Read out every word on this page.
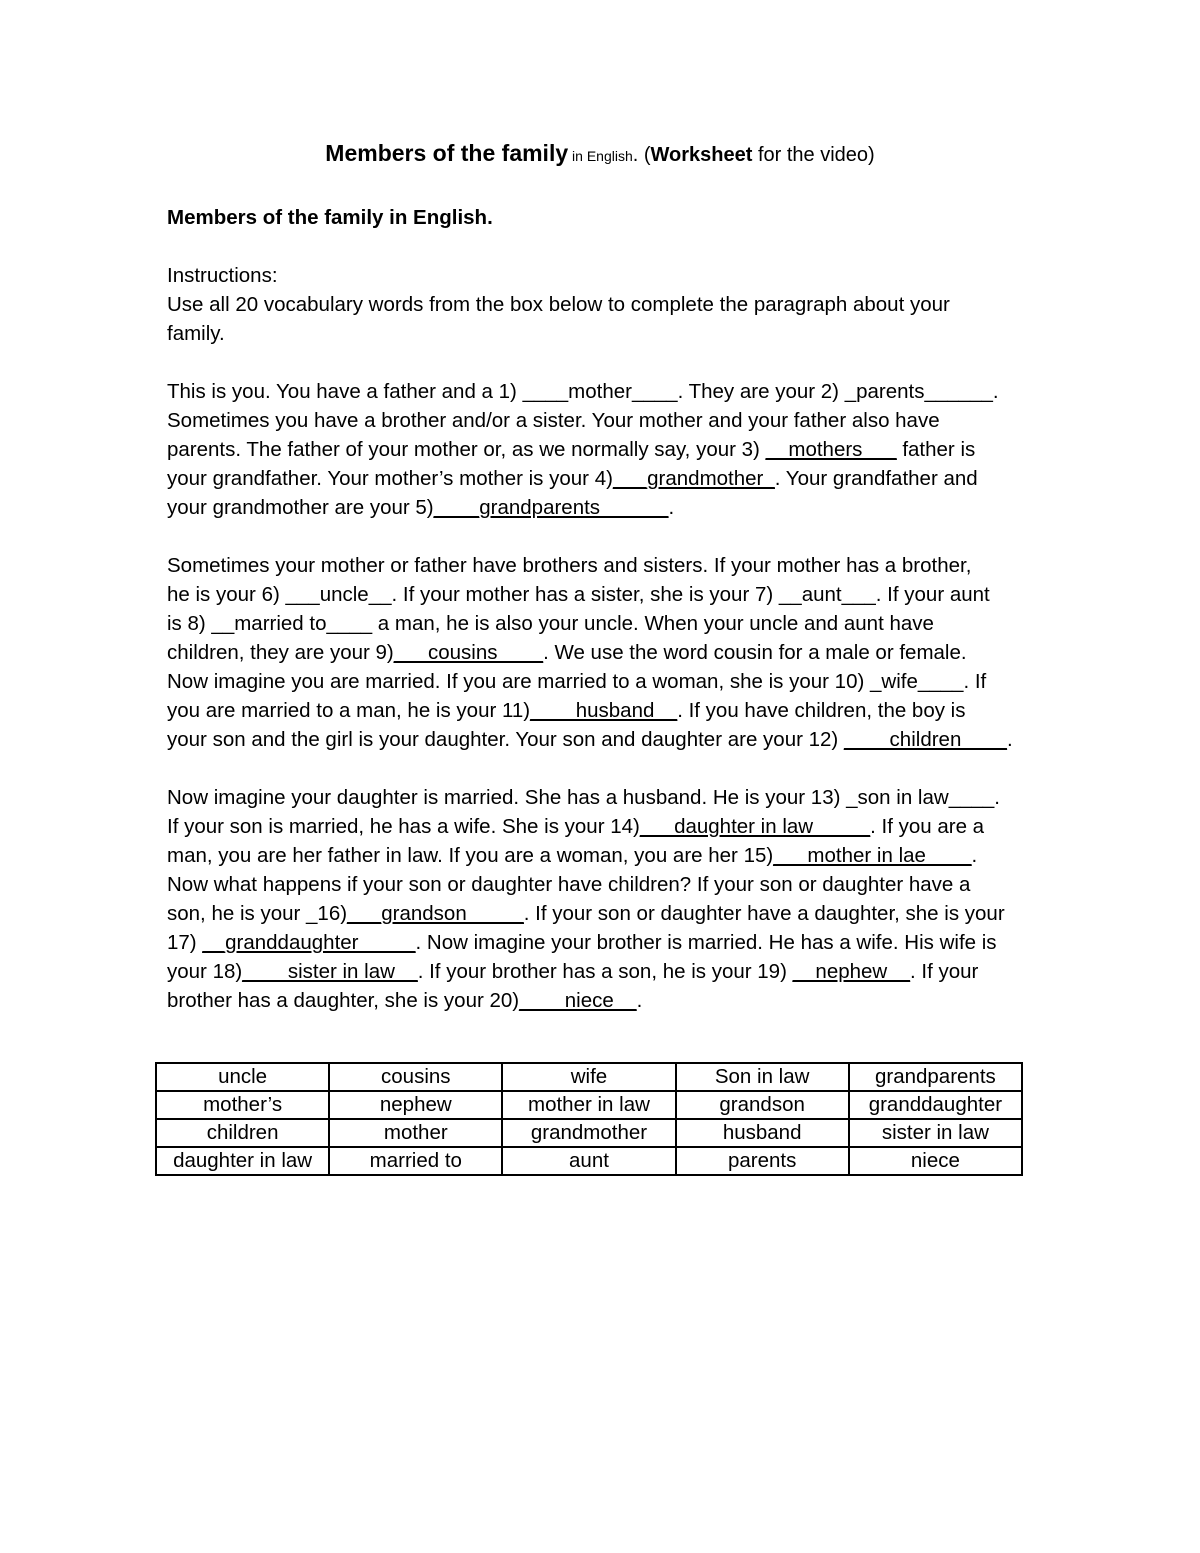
Members of the family in English. (Worksheet for the video)
Members of the family in English.
Instructions:
Use all 20 vocabulary words from the box below to complete the paragraph about your
family.
This is you. You have a father and a 1) ____mother____. They are your 2) _parents______.
Sometimes you have a brother and/or a sister. Your mother and your father also have
parents. The father of your mother or, as we normally say, your 3) __mothers___ father is
your grandfather. Your mother’s mother is your 4)___grandmother_. Your grandfather and
your grandmother are your 5)____grandparents______.
Sometimes your mother or father have brothers and sisters. If your mother has a brother,
he is your 6) ___uncle__. If your mother has a sister, she is your 7) __aunt___. If your aunt
is 8) __married to____ a man, he is also your uncle. When your uncle and aunt have
children, they are your 9)___cousins____. We use the word cousin for a male or female.
Now imagine you are married. If you are married to a woman, she is your 10) _wife____. If
you are married to a man, he is your 11)____husband__. If you have children, the boy is
your son and the girl is your daughter. Your son and daughter are your 12) ____children____.
Now imagine your daughter is married. She has a husband. He is your 13) _son in law____.
If your son is married, he has a wife. She is your 14)___daughter in law_____. If you are a
man, you are her father in law. If you are a woman, you are her 15)___mother in lae____.
Now what happens if your son or daughter have children? If your son or daughter have a
son, he is your _16)___grandson_____. If your son or daughter have a daughter, she is your
17) __granddaughter_____. Now imagine your brother is married. He has a wife. His wife is
your 18)____sister in law__. If your brother has a son, he is your 19) __nephew__. If your
brother has a daughter, she is your 20)____niece__.
uncle	cousins	wife	Son in law	grandparents
mother’s	nephew	mother in law	grandson	granddaughter
children	mother	grandmother	husband	sister in law
daughter in law	married to	aunt	parents	niece
